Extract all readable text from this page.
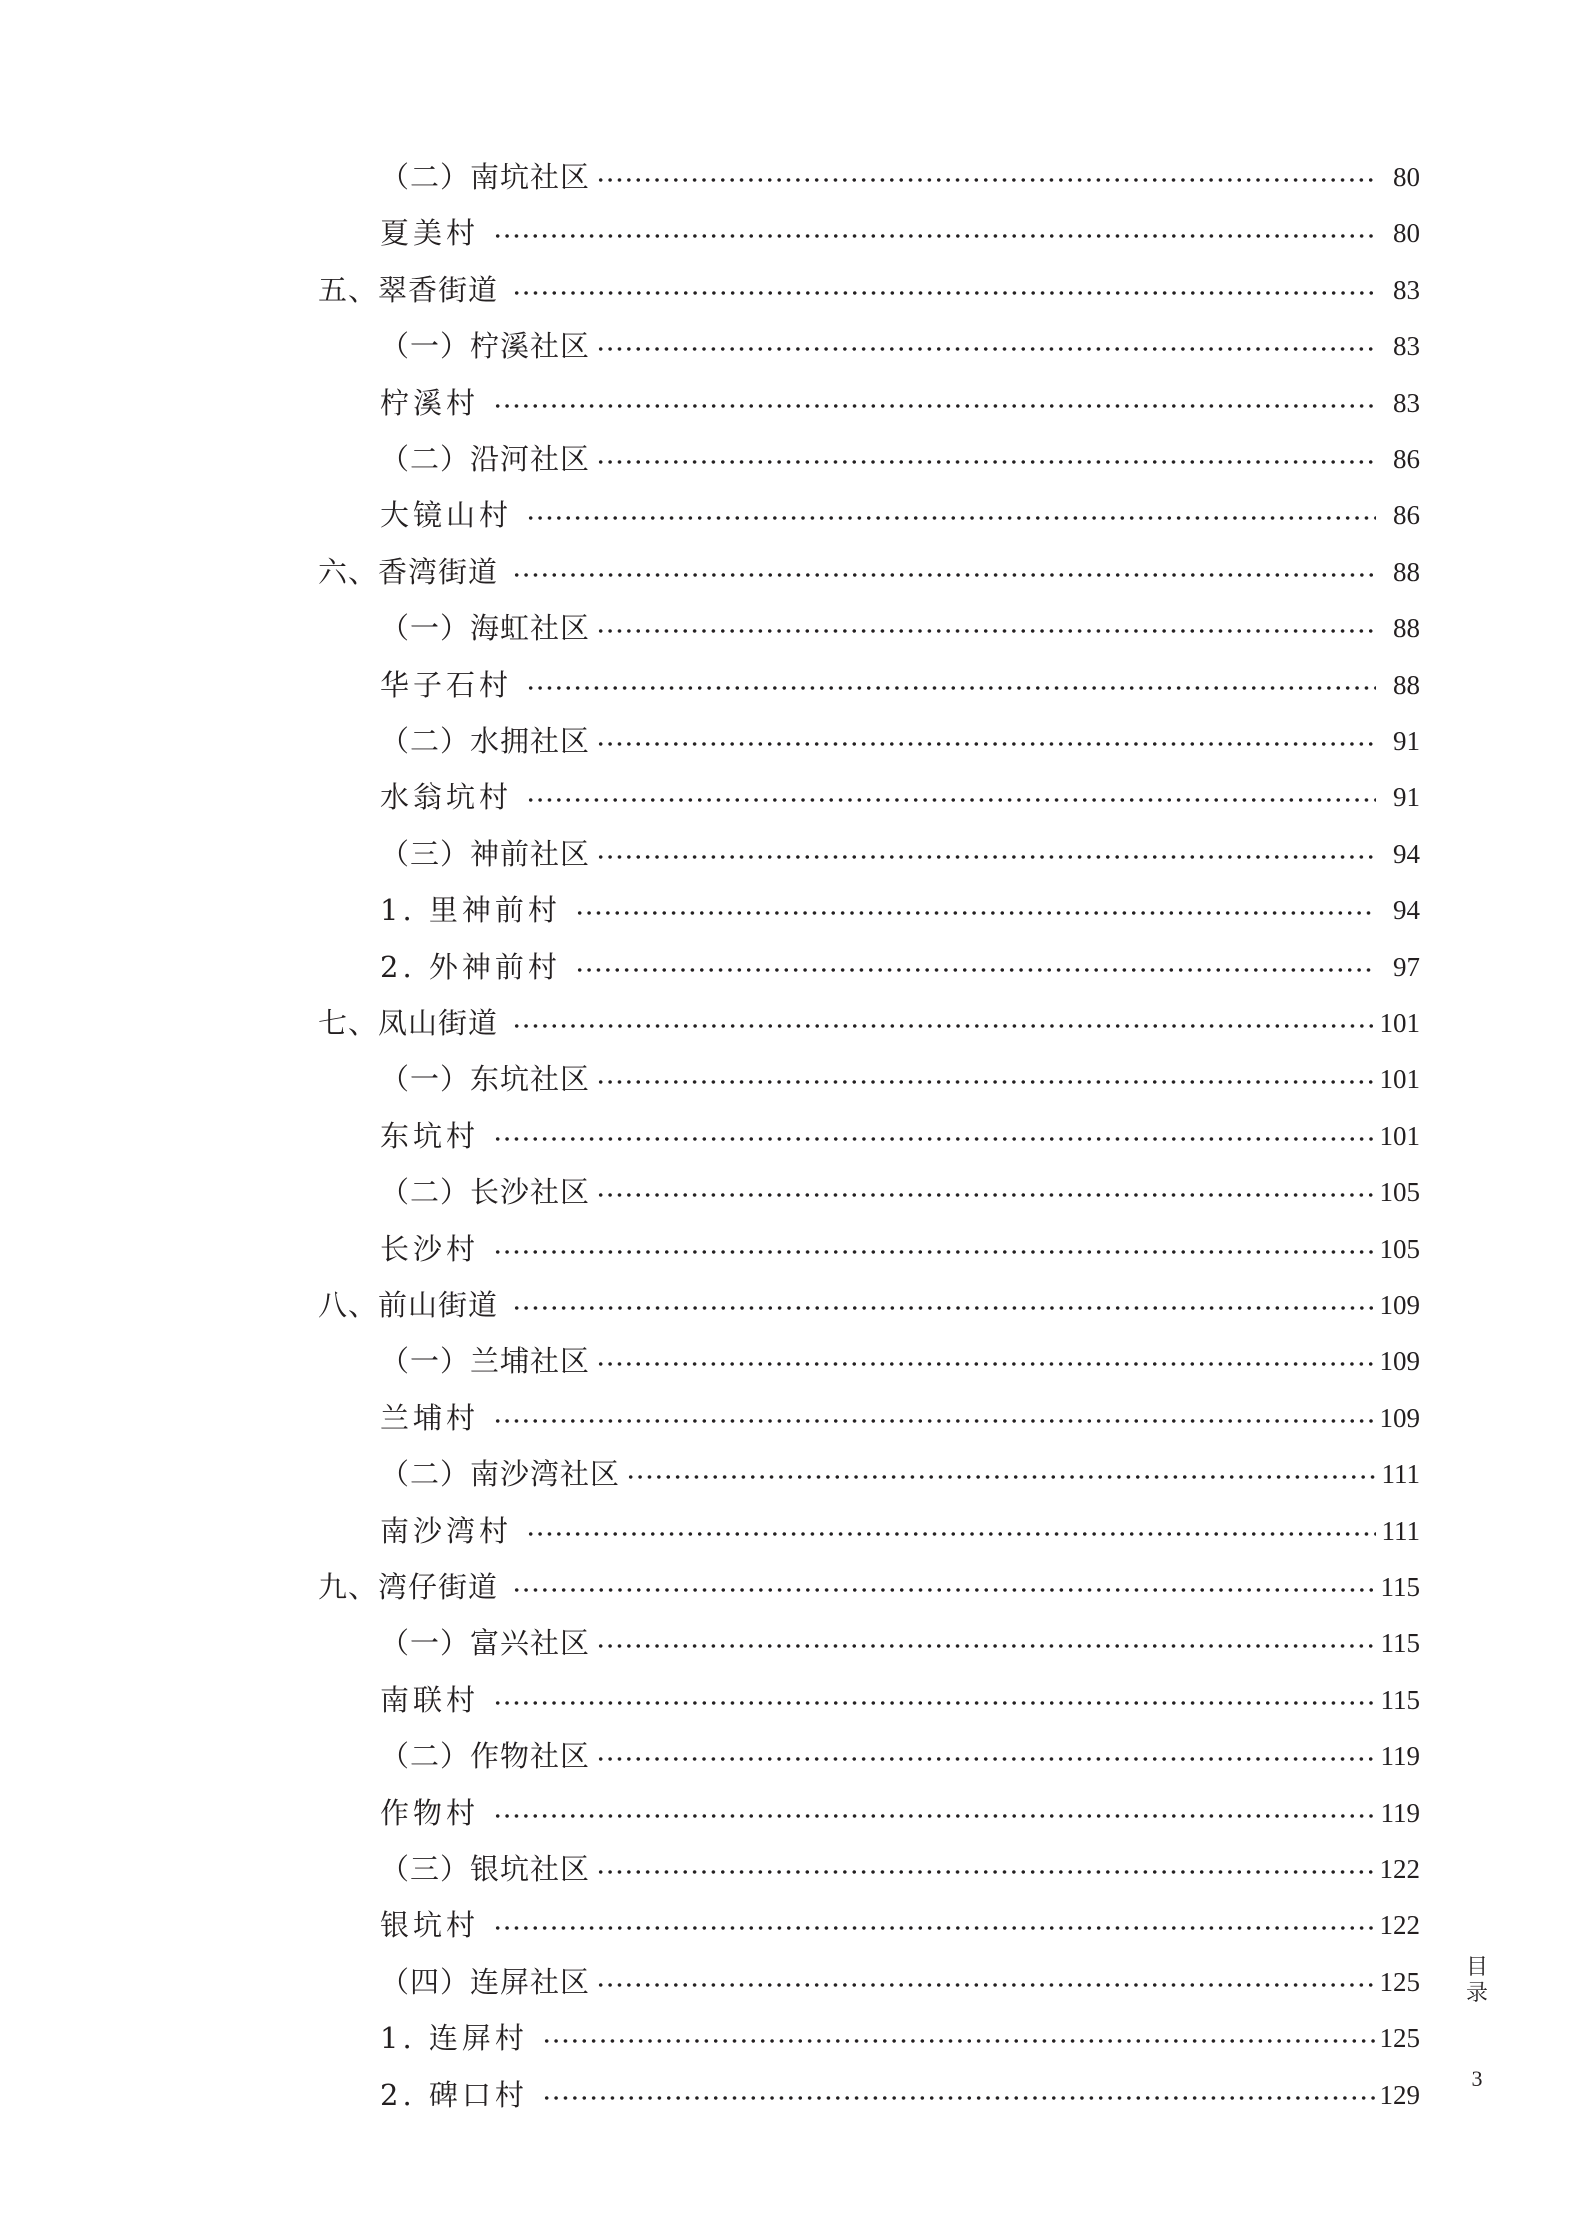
（二）南坑社区	80
夏美村	80
五、翠香街道	83
（一）柠溪社区	83
柠溪村	83
（二）沿河社区	86
大镜山村	86
六、香湾街道	88
（一）海虹社区	88
华子石村	88
（二）水拥社区	91
水翁坑村	91
（三）神前社区	94
1. 里神前村	94
2. 外神前村	97
七、凤山街道	101
（一）东坑社区	101
东坑村	101
（二）长沙社区	105
长沙村	105
八、前山街道	109
（一）兰埔社区	109
兰埔村	109
（二）南沙湾社区	111
南沙湾村	111
九、湾仔街道	115
（一）富兴社区	115
南联村	115
（二）作物社区	119
作物村	119
（三）银坑社区	122
银坑村	122
（四）连屏社区	125
1. 连屏村	125
2. 碑口村	129
目
录
3
